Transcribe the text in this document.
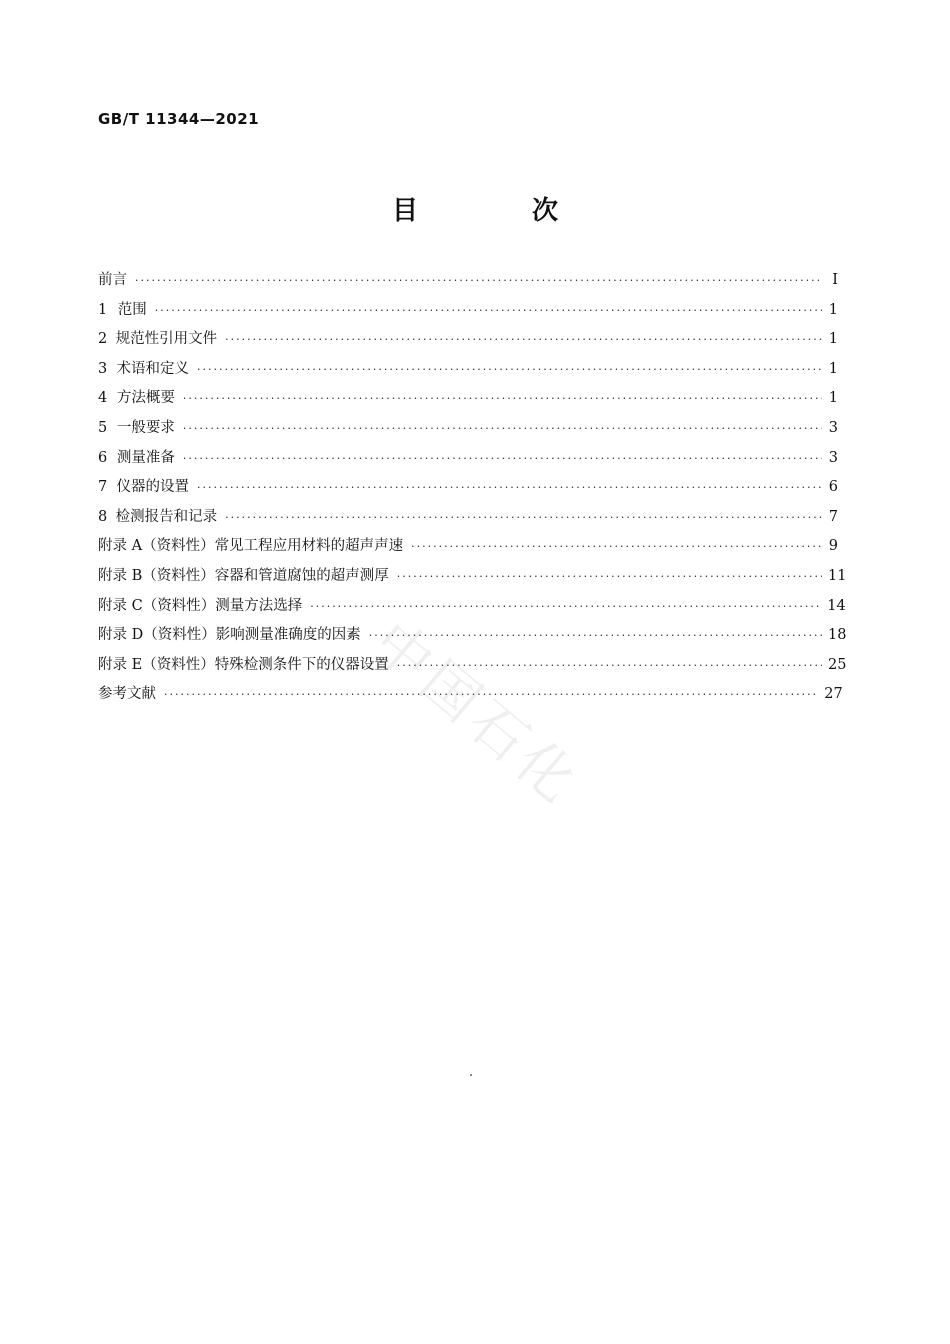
GB/T 11344—2021
目　次
前言 ·····	Ⅰ
1 范围 ·····	1
2 规范性引用文件 ·····	1
3 术语和定义 ·····	1
4 方法概要 ·····	1
5 一般要求 ·····	3
6 测量准备 ·····	3
7 仪器的设置 ·····	6
8 检测报告和记录 ·····	7
附录 A（资料性） 常见工程应用材料的超声声速 ·····	9
附录 B（资料性） 容器和管道腐蚀的超声测厚 ·····	11
附录 C（资料性） 测量方法选择 ·····	14
附录 D（资料性） 影响测量准确度的因素 ·····	18
附录 E（资料性） 特殊检测条件下的仪器设置 ·····	25
参考文献 ·····	27
中国石化
